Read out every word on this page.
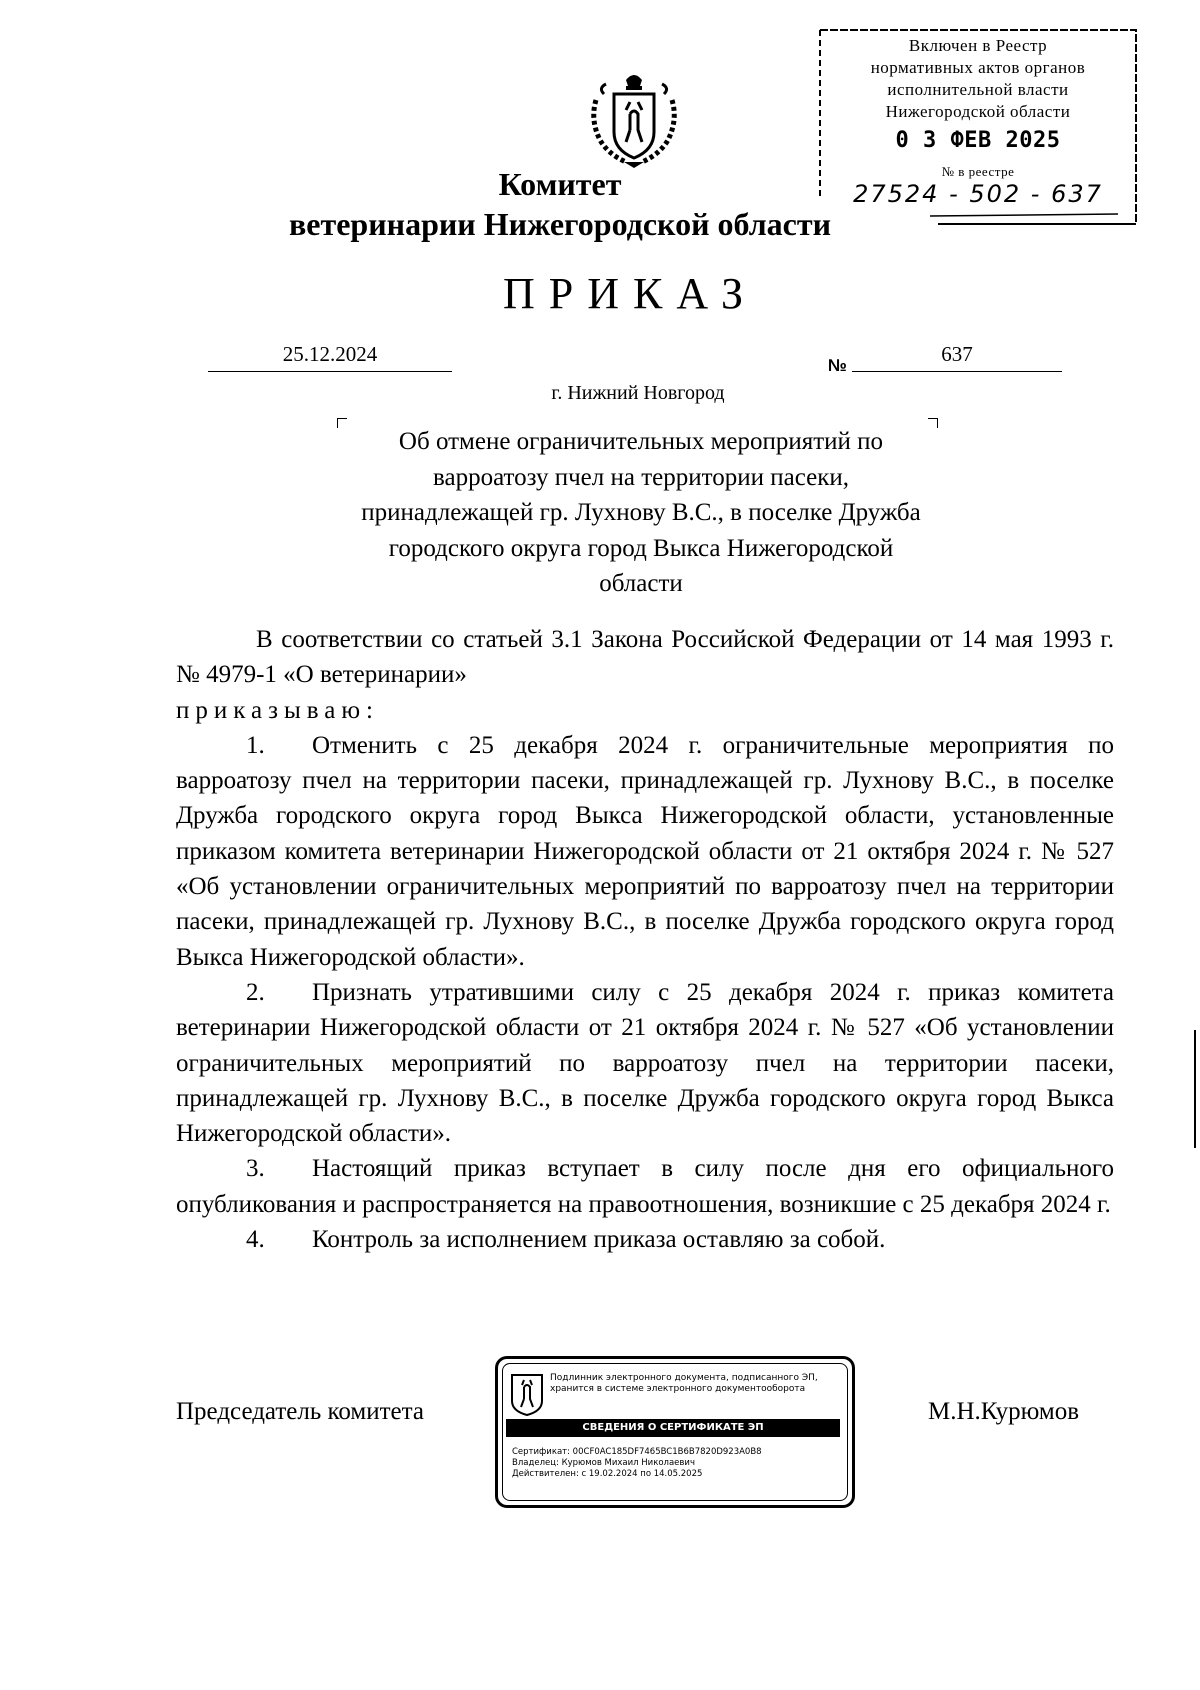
Включен в Реестр
нормативных актов органов
исполнительной власти
Нижегородской области
0 3 ФЕВ 2025
№ в реестре
27524 - 502 - 637
Комитет
ветеринарии Нижегородской области
ПРИКАЗ
25.12.2024	№	637
г. Нижний Новгород
Об отмене ограничительных мероприятий по варроатозу пчел на территории пасеки, принадлежащей гр. Лухнову В.С., в поселке Дружба городского округа город Выкса Нижегородской области

В соответствии со статьей 3.1 Закона Российской Федерации от 14 мая 1993 г. № 4979-1 «О ветеринарии»

приказываю:

1. Отменить с 25 декабря 2024 г. ограничительные мероприятия по варроатозу пчел на территории пасеки, принадлежащей гр. Лухнову В.С., в поселке Дружба городского округа город Выкса Нижегородской области, установленные приказом комитета ветеринарии Нижегородской области от 21 октября 2024 г. № 527 «Об установлении ограничительных мероприятий по варроатозу пчел на территории пасеки, принадлежащей гр. Лухнову В.С., в поселке Дружба городского округа город Выкса Нижегородской области».

2. Признать утратившими силу с 25 декабря 2024 г. приказ комитета ветеринарии Нижегородской области от 21 октября 2024 г. № 527 «Об установлении ограничительных мероприятий по варроатозу пчел на территории пасеки, принадлежащей гр. Лухнову В.С., в поселке Дружба городского округа город Выкса Нижегородской области».

3. Настоящий приказ вступает в силу после дня его официального опубликования и распространяется на правоотношения, возникшие с 25 декабря 2024 г.

4. Контроль за исполнением приказа оставляю за собой.

Председатель комитета	М.Н.Курюмов
Подлинник электронного документа, подписанного ЭП, хранится в системе электронного документооборота
СВЕДЕНИЯ О СЕРТИФИКАТЕ ЭП
Сертификат: 00CF0AC185DF7465BC1B6B7820D923A0B8
Владелец: Курюмов Михаил Николаевич
Действителен: с 19.02.2024 по 14.05.2025
